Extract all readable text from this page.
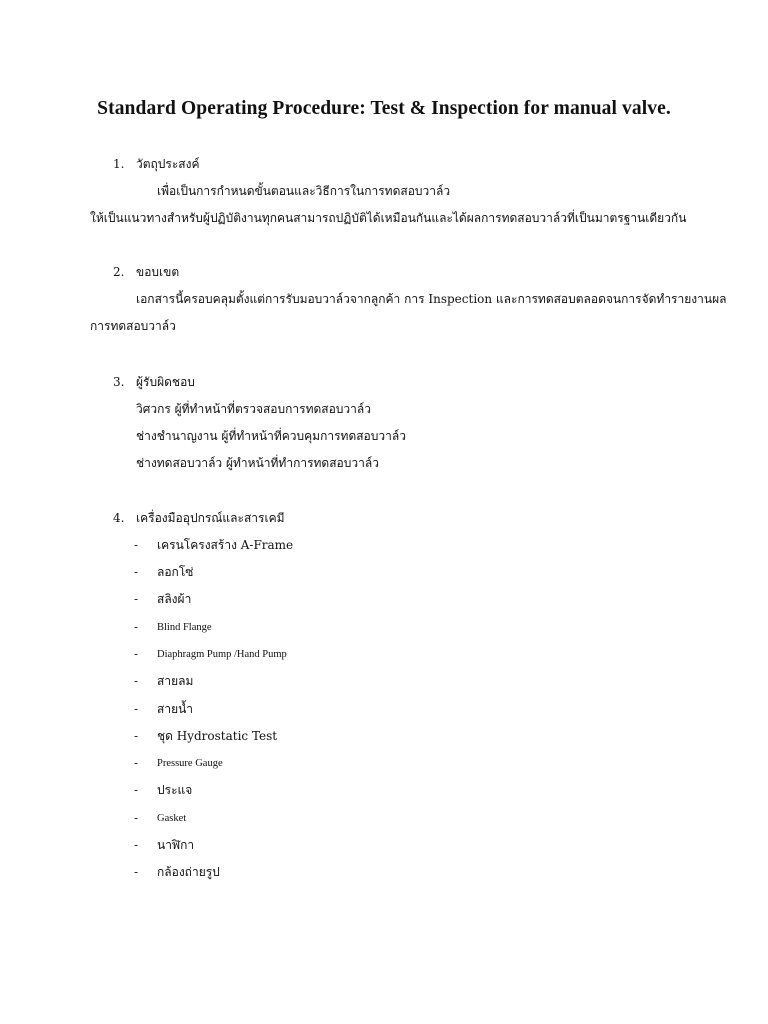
Standard Operating Procedure: Test & Inspection for manual valve.
1. วัตถุประสงค์
เพื่อเป็นการกำหนดขั้นตอนและวิธีการในการทดสอบวาล์ว
ให้เป็นแนวทางสำหรับผู้ปฏิบัติงานทุกคนสามารถปฏิบัติได้เหมือนกันและได้ผลการทดสอบวาล์วที่เป็นมาตรฐานเดียวกัน
2. ขอบเขต
เอกสารนี้ครอบคลุมตั้งแต่การรับมอบวาล์วจากลูกค้า การ Inspection และการทดสอบตลอดจนการจัดทำรายงานผล
การทดสอบวาล์ว
3. ผู้รับผิดชอบ
วิศวกร ผู้ที่ทำหน้าที่ตรวจสอบการทดสอบวาล์ว
ช่างชำนาญงาน ผู้ที่ทำหน้าที่ควบคุมการทดสอบวาล์ว
ช่างทดสอบวาล์ว ผู้ทำหน้าที่ทำการทดสอบวาล์ว
4. เครื่องมืออุปกรณ์และสารเคมี
- เครนโครงสร้าง A-Frame
- ลอกโซ่
- สลิงผ้า
- Blind Flange
- Diaphragm Pump /Hand Pump
- สายลม
- สายน้ำ
- ชุด Hydrostatic Test
- Pressure Gauge
- ประแจ
- Gasket
- นาฬิกา
- กล้องถ่ายรูป
